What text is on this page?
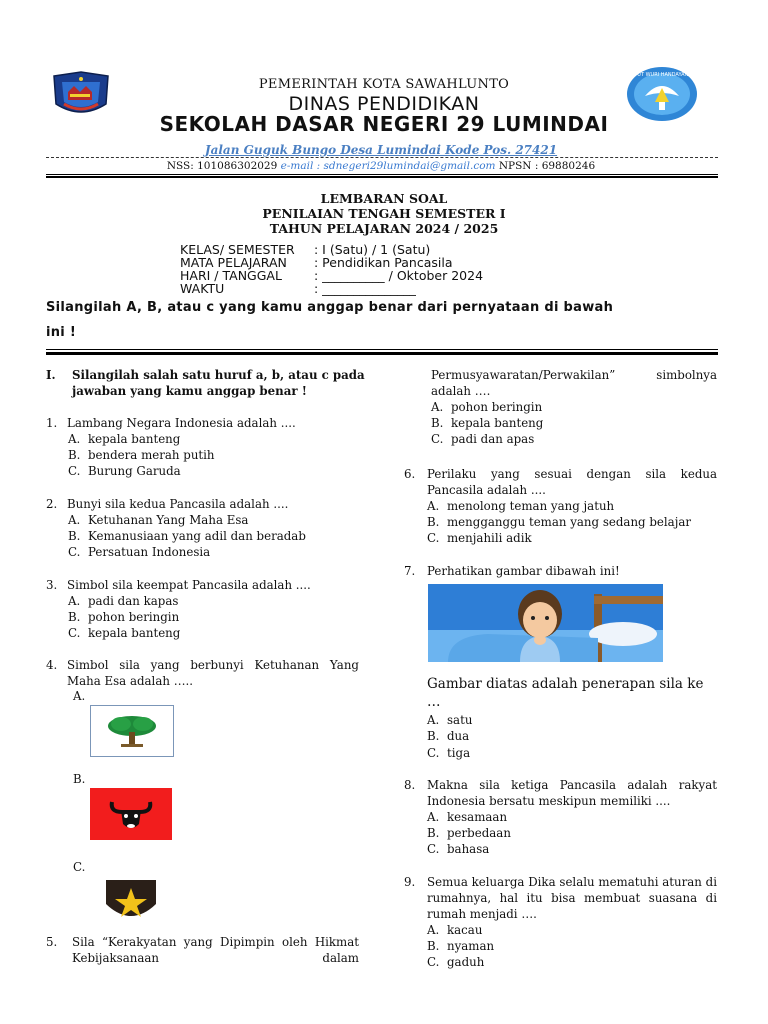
TUT WURI HANDAYANI
PEMERINTAH KOTA SAWAHLUNTO
DINAS PENDIDIKAN
SEKOLAH DASAR NEGERI 29 LUMINDAI
Jalan Guguk Bungo Desa Lumindai Kode Pos. 27421
NSS: 101086302029 e-mail : sdnegeri29lumindai@gmail.com NPSN : 69880246
LEMBARAN SOAL
PENILAIAN TENGAH SEMESTER I
TAHUN PELAJARAN 2024 / 2025
KELAS/ SEMESTER	: I (Satu) / 1 (Satu)
MATA PELAJARAN	: Pendidikan Pancasila
HARI / TANGGAL	: __________ / Oktober 2024
WAKTU	: _______________
Silangilah A, B, atau c yang kamu anggap benar dari pernyataan di bawah
ini !
I. Silangilah salah satu huruf a, b, atau c pada
jawaban yang kamu anggap benar !
1. Lambang Negara Indonesia adalah ....
A. kepala banteng
B. bendera merah putih
C. Burung Garuda
2. Bunyi sila kedua Pancasila adalah ....
A. Ketuhanan Yang Maha Esa
B. Kemanusiaan yang adil dan beradab
C. Persatuan Indonesia
3. Simbol sila keempat Pancasila adalah ....
A. padi dan kapas
B. pohon beringin
C. kepala banteng
4. Simbol sila yang berbunyi Ketuhanan Yang
Maha Esa adalah …..
A.
B.
C.
5. Sila “Kerakyatan yang Dipimpin oleh Hikmat
Kebijaksanaan dalam
Permusyawaratan/Perwakilan” simbolnya
adalah ….
A. pohon beringin
B. kepala banteng
C. padi dan apas
6. Perilaku yang sesuai dengan sila kedua
Pancasila adalah ....
A. menolong teman yang jatuh
B. mengganggu teman yang sedang belajar
C. menjahili adik
7. Perhatikan gambar dibawah ini!
Gambar diatas adalah penerapan sila ke
…
A. satu
B. dua
C. tiga
8. Makna sila ketiga Pancasila adalah rakyat
Indonesia bersatu meskipun memiliki ....
A. kesamaan
B. perbedaan
C. bahasa
9. Semua keluarga Dika selalu mematuhi aturan di
rumahnya, hal itu bisa membuat suasana di
rumah menjadi ….
A. kacau
B. nyaman
C. gaduh
